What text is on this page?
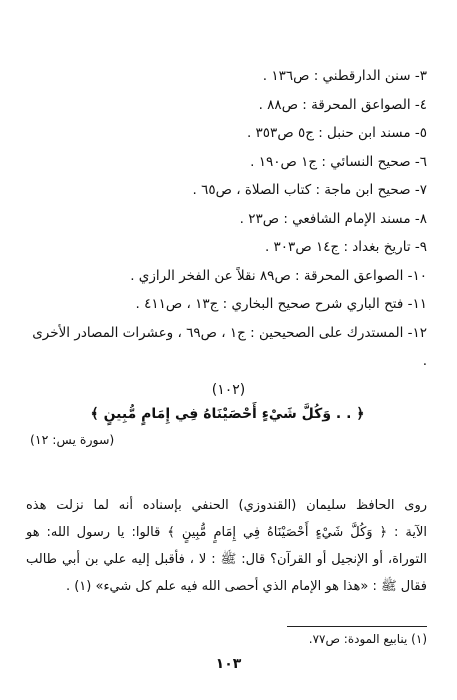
٣- سنن الدارقطني : ص١٣٦ .
٤- الصواعق المحرقة : ص٨٨ .
٥- مسند ابن حنبل : ج٥ ص٣٥٣ .
٦- صحيح النسائي : ج١ ص١٩٠ .
٧- صحيح ابن ماجة : كتاب الصلاة ، ص٦٥ .
٨- مسند الإمام الشافعي : ص٢٣ .
٩- تاريخ بغداد : ج١٤ ص٣٠٣ .
١٠- الصواعق المحرقة : ص٨٩ نقلاً عن الفخر الرازي .
١١- فتح الباري شرح صحيح البخاري : ج١٣ ، ص٤١١ .
١٢- المستدرك على الصحيحين : ج١ ، ص٦٩ ، وعشرات المصادر الأخرى .
(١٠٢)
﴿ . . وَكُلَّ شَيْءٍ أَحْصَيْنَاهُ فِي إِمَامٍ مُّبِينٍ ﴾
(سورة يس: ١٢)
روى الحافظ سليمان (القندوزي) الحنفي بإسناده أنه لما نزلت هذه
الآية : ﴿ وَكُلَّ شَيْءٍ أَحْصَيْنَاهُ فِي إِمَامٍ مُّبِينٍ ﴾ قالوا: يا رسول الله: هو
التوراة، أو الإنجيل أو القرآن؟ قال: ﷺ : لا ، فأقبل إليه علي بن أبي طالب
فقال ﷺ : «هذا هو الإمام الذي أحصى الله فيه علم كل شيء» (١) .
(١) ينابيع المودة: ص٧٧.
١٠٣
